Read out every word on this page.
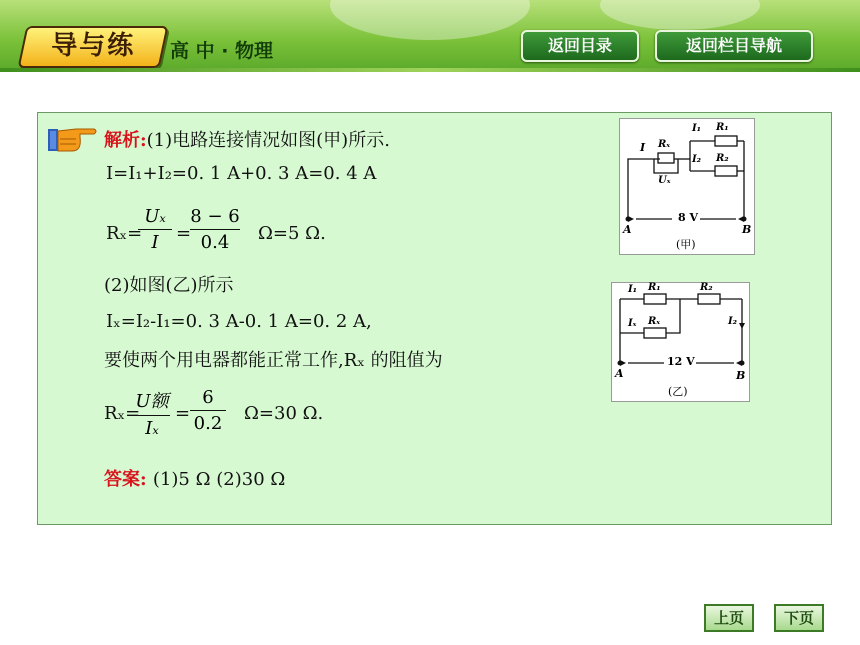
导与练	高 中 · 物理	返回目录	返回栏目导航
解析:(1)电路连接情况如图(甲)所示.
I=I₁+I₂=0. 1 A+0. 3 A=0. 4 A
Rₓ=
Uₓ
I =
8 − 6
0.4	Ω=5 Ω.
(2)如图(乙)所示
Iₓ=I₂-I₁=0. 3 A-0. 1 A=0. 2 A,
要使两个用电器都能正常工作,Rₓ 的阻值为
Rₓ=
U额
Iₓ
=
6
0.2 Ω=30 Ω.
答案: (1)5 Ω (2)30 Ω
I Rₓ
Uₓ
I₁ R₁
I₂ R₂
8 V
A	B
(甲)
I₁ R₁	R₂
Iₓ Rₓ	I₂
12 V
A	B
(乙)
上页	下页
